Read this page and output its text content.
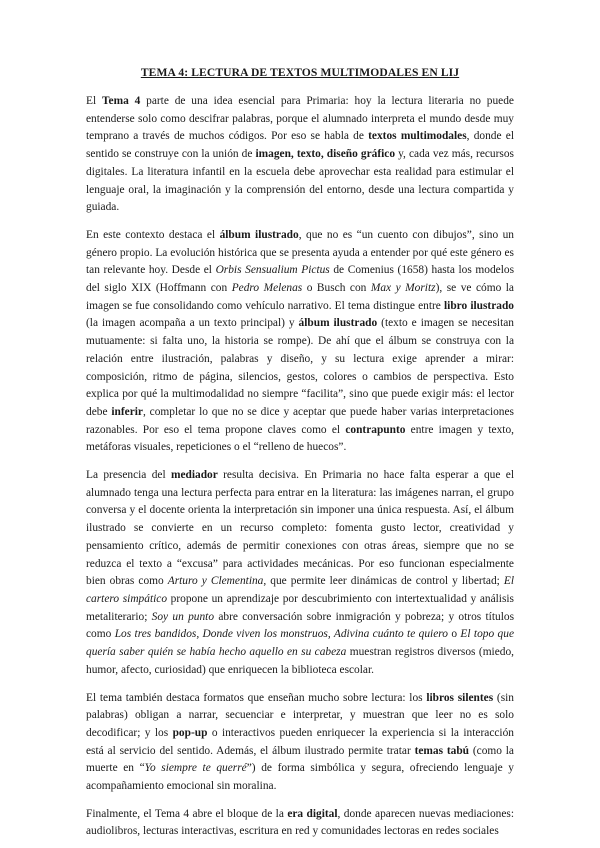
TEMA 4: LECTURA DE TEXTOS MULTIMODALES EN LIJ

El Tema 4 parte de una idea esencial para Primaria: hoy la lectura literaria no puede entenderse solo como descifrar palabras, porque el alumnado interpreta el mundo desde muy temprano a través de muchos códigos. Por eso se habla de textos multimodales, donde el sentido se construye con la unión de imagen, texto, diseño gráfico y, cada vez más, recursos digitales. La literatura infantil en la escuela debe aprovechar esta realidad para estimular el lenguaje oral, la imaginación y la comprensión del entorno, desde una lectura compartida y guiada.

En este contexto destaca el álbum ilustrado, que no es “un cuento con dibujos”, sino un género propio. La evolución histórica que se presenta ayuda a entender por qué este género es tan relevante hoy. Desde el Orbis Sensualium Pictus de Comenius (1658) hasta los modelos del siglo XIX (Hoffmann con Pedro Melenas o Busch con Max y Moritz), se ve cómo la imagen se fue consolidando como vehículo narrativo. El tema distingue entre libro ilustrado (la imagen acompaña a un texto principal) y álbum ilustrado (texto e imagen se necesitan mutuamente: si falta uno, la historia se rompe). De ahí que el álbum se construya con la relación entre ilustración, palabras y diseño, y su lectura exige aprender a mirar: composición, ritmo de página, silencios, gestos, colores o cambios de perspectiva. Esto explica por qué la multimodalidad no siempre “facilita”, sino que puede exigir más: el lector debe inferir, completar lo que no se dice y aceptar que puede haber varias interpretaciones razonables. Por eso el tema propone claves como el contrapunto entre imagen y texto, metáforas visuales, repeticiones o el “relleno de huecos”.

La presencia del mediador resulta decisiva. En Primaria no hace falta esperar a que el alumnado tenga una lectura perfecta para entrar en la literatura: las imágenes narran, el grupo conversa y el docente orienta la interpretación sin imponer una única respuesta. Así, el álbum ilustrado se convierte en un recurso completo: fomenta gusto lector, creatividad y pensamiento crítico, además de permitir conexiones con otras áreas, siempre que no se reduzca el texto a “excusa” para actividades mecánicas. Por eso funcionan especialmente bien obras como Arturo y Clementina, que permite leer dinámicas de control y libertad; El cartero simpático propone un aprendizaje por descubrimiento con intertextualidad y análisis metaliterario; Soy un punto abre conversación sobre inmigración y pobreza; y otros títulos como Los tres bandidos, Donde viven los monstruos, Adivina cuánto te quiero o El topo que quería saber quién se había hecho aquello en su cabeza muestran registros diversos (miedo, humor, afecto, curiosidad) que enriquecen la biblioteca escolar.

El tema también destaca formatos que enseñan mucho sobre lectura: los libros silentes (sin palabras) obligan a narrar, secuenciar e interpretar, y muestran que leer no es solo decodificar; y los pop-up o interactivos pueden enriquecer la experiencia si la interacción está al servicio del sentido. Además, el álbum ilustrado permite tratar temas tabú (como la muerte en “Yo siempre te querré”) de forma simbólica y segura, ofreciendo lenguaje y acompañamiento emocional sin moralina.

Finalmente, el Tema 4 abre el bloque de la era digital, donde aparecen nuevas mediaciones: audiolibros, lecturas interactivas, escritura en red y comunidades lectoras en redes sociales
